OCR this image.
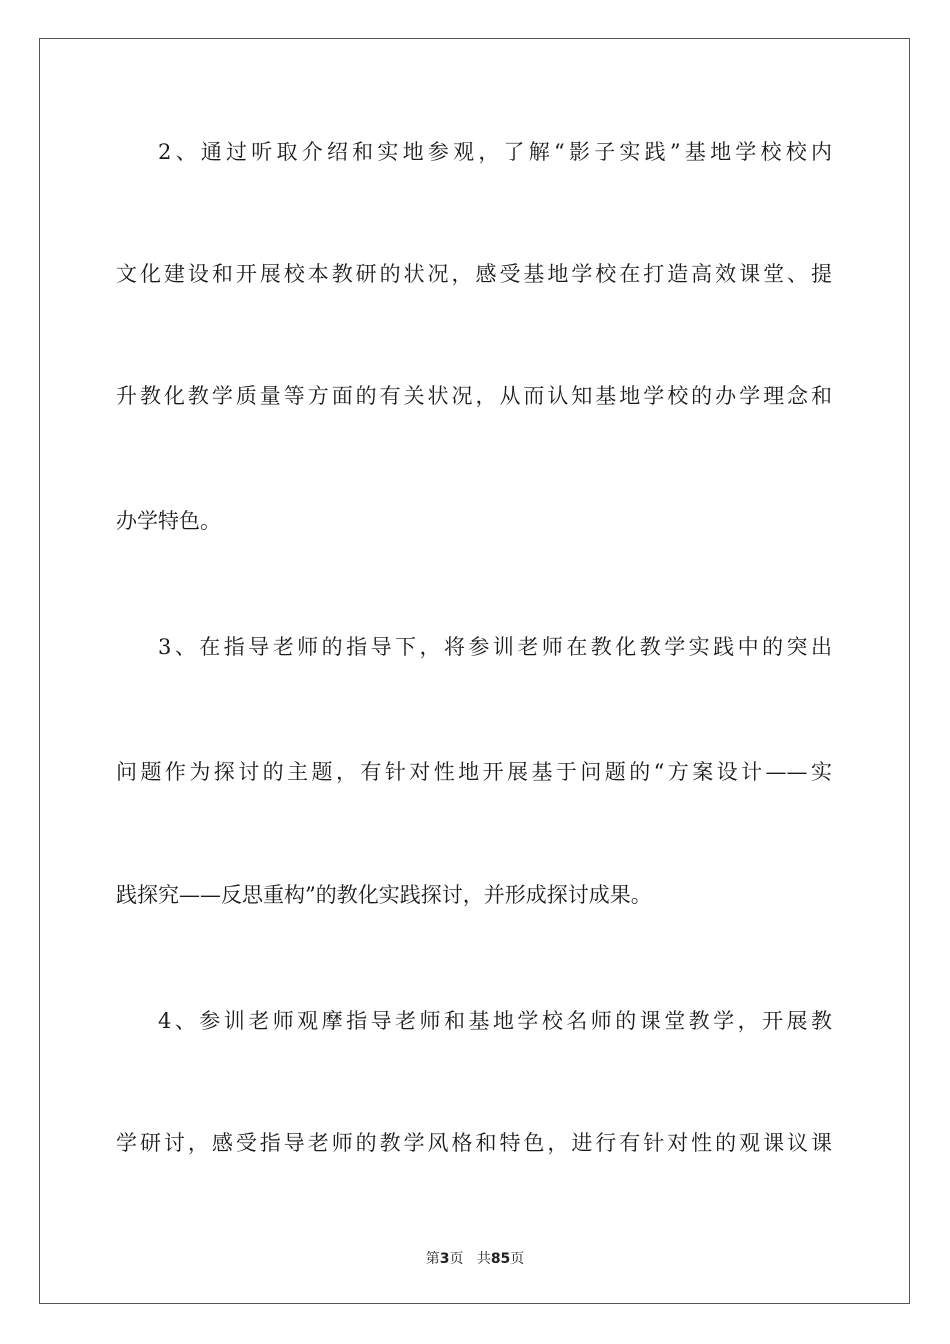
2、通过听取介绍和实地参观，了解“影子实践”基地学校校内
文化建设和开展校本教研的状况，感受基地学校在打造高效课堂、提
升教化教学质量等方面的有关状况，从而认知基地学校的办学理念和
办学特色。
3、在指导老师的指导下，将参训老师在教化教学实践中的突出
问题作为探讨的主题，有针对性地开展基于问题的“方案设计——实
践探究——反思重构”的教化实践探讨，并形成探讨成果。
4、参训老师观摩指导老师和基地学校名师的课堂教学，开展教
学研讨，感受指导老师的教学风格和特色，进行有针对性的观课议课
第3页 共85页
